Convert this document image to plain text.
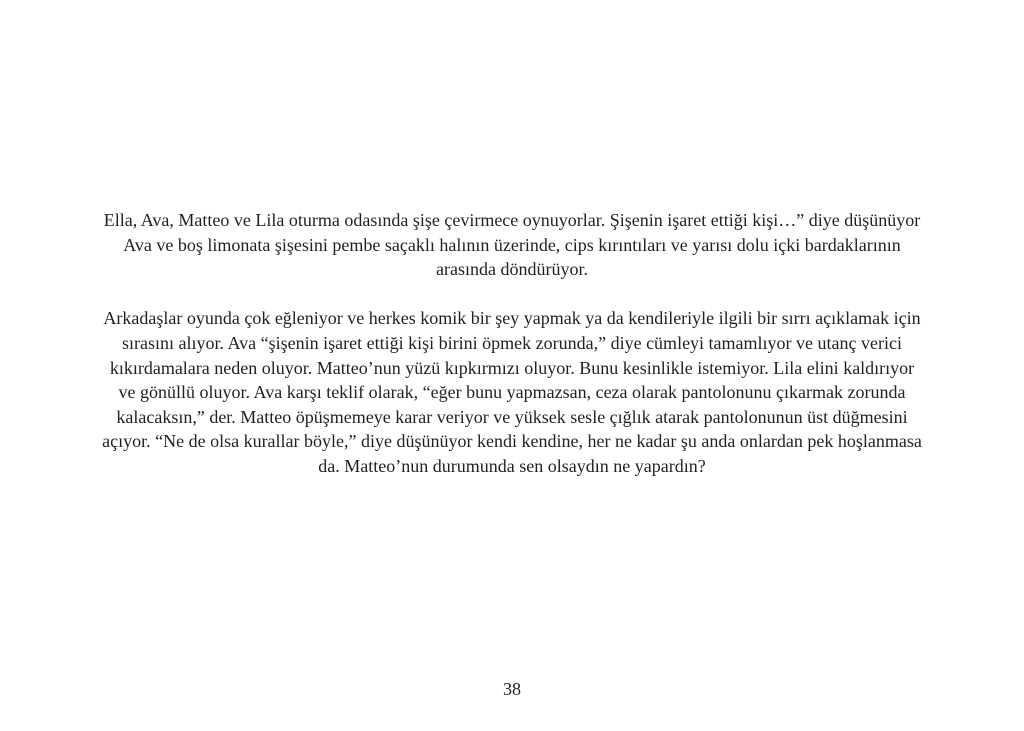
Ella, Ava, Matteo ve Lila oturma odasında şişe çevirmece oynuyorlar. Şişenin işaret ettiği kişi…” diye düşünüyor Ava ve boş limonata şişesini pembe saçaklı halının üzerinde, cips kırıntıları ve yarısı dolu içki bardaklarının arasında döndürüyor.

Arkadaşlar oyunda çok eğleniyor ve herkes komik bir şey yapmak ya da kendileriyle ilgili bir sırrı açıklamak için sırasını alıyor. Ava “şişenin işaret ettiği kişi birini öpmek zorunda,” diye cümleyi tamamlıyor ve utanç verici kıkırdamalara neden oluyor. Matteo’nun yüzü kıpkırmızı oluyor. Bunu kesinlikle istemiyor. Lila elini kaldırıyor ve gönüllü oluyor. Ava karşı teklif olarak, “eğer bunu yapmazsan, ceza olarak pantolonunu çıkarmak zorunda kalacaksın,” der. Matteo öpüşmemeye karar veriyor ve yüksek sesle çığlık atarak pantolonunun üst düğmesini açıyor. “Ne de olsa kurallar böyle,” diye düşünüyor kendi kendine, her ne kadar şu anda onlardan pek hoşlanmasa da. Matteo’nun durumunda sen olsaydın ne yapardın?

38
